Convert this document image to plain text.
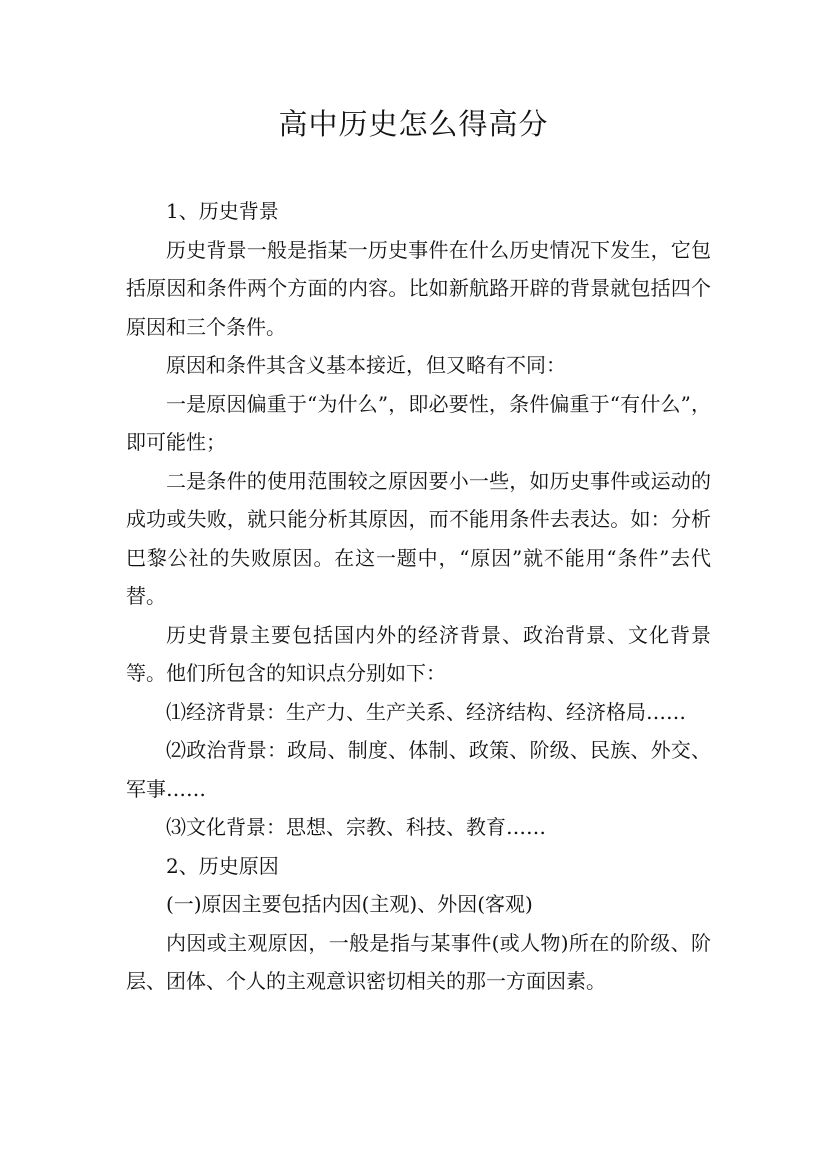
高中历史怎么得高分

1、历史背景

历史背景一般是指某一历史事件在什么历史情况下发生，它包括原因和条件两个方面的内容。比如新航路开辟的背景就包括四个原因和三个条件。

原因和条件其含义基本接近，但又略有不同：

一是原因偏重于“为什么”，即必要性，条件偏重于“有什么”，即可能性；

二是条件的使用范围较之原因要小一些，如历史事件或运动的成功或失败，就只能分析其原因，而不能用条件去表达。如：分析巴黎公社的失败原因。在这一题中，“原因”就不能用“条件”去代替。

历史背景主要包括国内外的经济背景、政治背景、文化背景等。他们所包含的知识点分别如下：

⑴经济背景：生产力、生产关系、经济结构、经济格局……

⑵政治背景：政局、制度、体制、政策、阶级、民族、外交、军事……

⑶文化背景：思想、宗教、科技、教育……

2、历史原因

(一)原因主要包括内因(主观)、外因(客观)

内因或主观原因，一般是指与某事件(或人物)所在的阶级、阶层、团体、个人的主观意识密切相关的那一方面因素。
